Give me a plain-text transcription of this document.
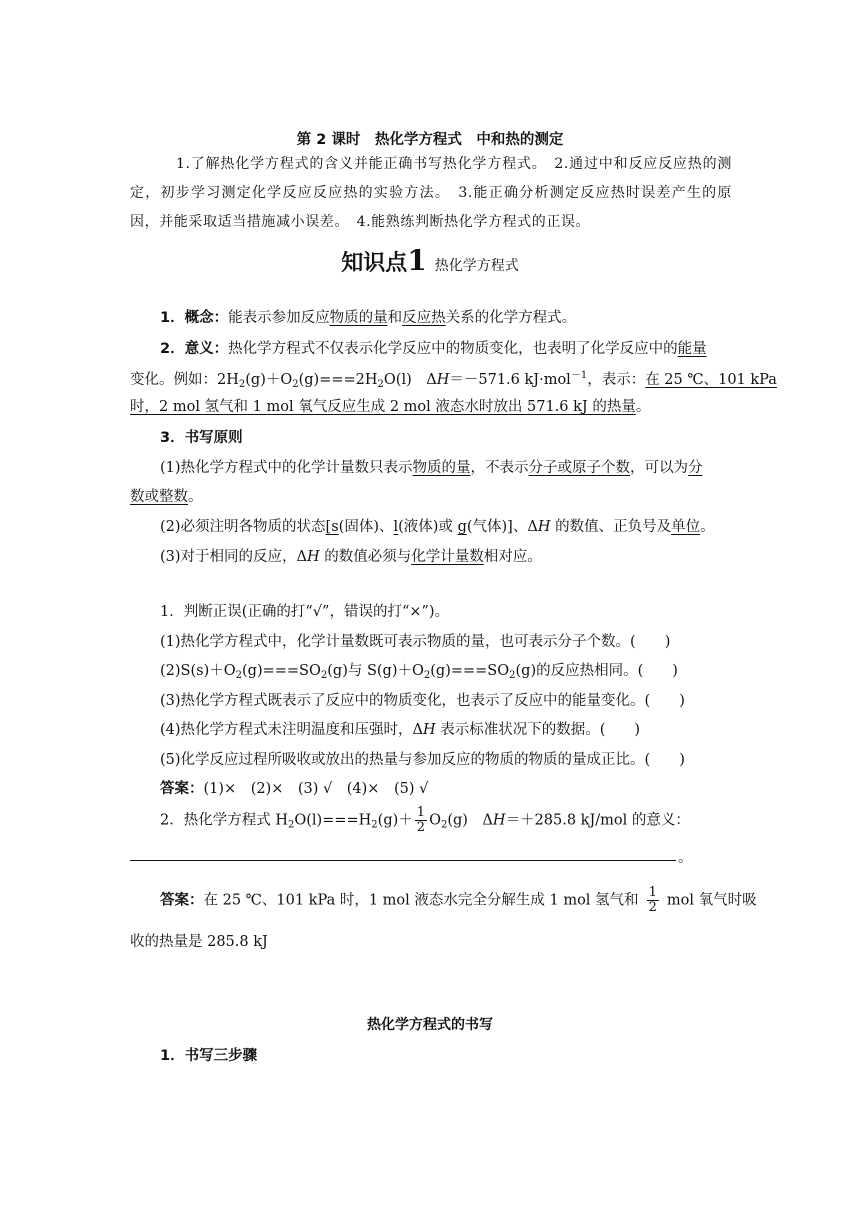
第 2 课时　热化学方程式　中和热的测定
1.了解热化学方程式的含义并能正确书写热化学方程式。　2.通过中和反应反应热的测定，初步学习测定化学反应反应热的实验方法。　3.能正确分析测定反应热时误差产生的原因，并能采取适当措施减小误差。　4.能熟练判断热化学方程式的正误。
知识点1 热化学方程式
1．概念：能表示参加反应物质的量和反应热关系的化学方程式。
2．意义：热化学方程式不仅表示化学反应中的物质变化，也表明了化学反应中的能量
变化。例如：$2H_2(g)+O_2(g)===2H_2O(l)$　ΔH＝－571.6 kJ·mol$^{-1}$，表示：在 25 ℃、101 kPa
时，2 mol 氢气和 1 mol 氧气反应生成 2 mol 液态水时放出 571.6 kJ 的热量。
3．书写原则
(1)热化学方程式中的化学计量数只表示物质的量，不表示分子或原子个数，可以为分
数或整数。
(2)必须注明各物质的状态[s(固体)、l(液体)或 g(气体)]、ΔH 的数值、正负号及单位。
(3)对于相同的反应，ΔH 的数值必须与化学计量数相对应。
1．判断正误(正确的打“√”，错误的打“×”)。
(1)热化学方程式中，化学计量数既可表示物质的量，也可表示分子个数。(　　)
$(2)S(s)+O_2(g)===SO_2(g)$与 $S(g)+O_2(g)===SO_2(g)$的反应热相同。(　　)
(3)热化学方程式既表示了反应中的物质变化，也表示了反应中的能量变化。(　　)
(4)热化学方程式未注明温度和压强时，ΔH 表示标准状况下的数据。(　　)
(5)化学反应过程所吸收或放出的热量与参加反应的物质的物质的量成正比。(　　)
答案：(1)×　(2)×　(3) √　(4)×　(5) √
2．热化学方程式 $H_2O(l)===H_2(g)+ \frac{1}{2} O_2(g)$　ΔH＝＋285.8 kJ/mol 的意义：
。
答案：在 25 ℃、101 kPa 时，1 mol 液态水完全分解生成 1 mol 氢气和 $\frac{1}{2}$ mol 氧气时吸
收的热量是 285.8 kJ
热化学方程式的书写
1．书写三步骤
